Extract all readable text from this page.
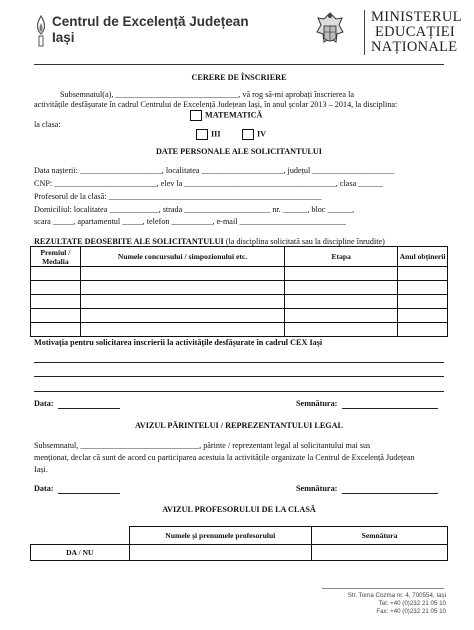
Centrul de Excelență Județean
Iași
MINISTERUL
EDUCAȚIEI
NAȚIONALE
CERERE DE ÎNSCRIERE
Subsemnatul(a), ______________________________, vă rog să-mi aprobați înscrierea la
activitățile desfășurate în cadrul Centrului de Excelență Județean Iași, în anul școlar 2013 – 2014, la disciplina:
MATEMATICĂ
la clasa:
III	IV
DATE PERSONALE ALE SOLICITANTULUI
Data nașterii: ____________________, localitatea ____________________, județul ____________________
CNP: _________________________, elev la _____________________________________, clasa ______
Profesorul de la clasă: ____________________________________________________
Domiciliul: localitatea ____________, strada _____________________ nr. ______, bloc ______,
scara _____, apartamentul _____, telefon __________, e-mail __________________________
REZULTATE DEOSEBITE ALE SOLICITANTULUI (la disciplina solicitată sau la discipline înrudite)
Premiul / Medalia	Numele concursului / simpozionului etc.	Etapa	Anul obținerii

Motivația pentru solicitarea înscrierii la activitățile desfășurate în cadrul CEX Iași
Data:	Semnătura:
AVIZUL PĂRINTELUI / REPREZENTANTULUI LEGAL
Subsemnatul, _____________________________, părinte / reprezentant legal al solicitantului mai sus
menționat, declar că sunt de acord cu participarea acestuia la activitățile organizate la Centrul de Excelență Județean
Iași.
Data:	Semnătura:
AVIZUL PROFESORULUI DE LA CLASĂ
	Numele și prenumele profesorului	Semnătura
DA / NU		
Str. Toma Cozma nr. 4, 700554, Iași
Tel: +40 (0)232 21 05 10
Fax: +40 (0)232 21 05 10
